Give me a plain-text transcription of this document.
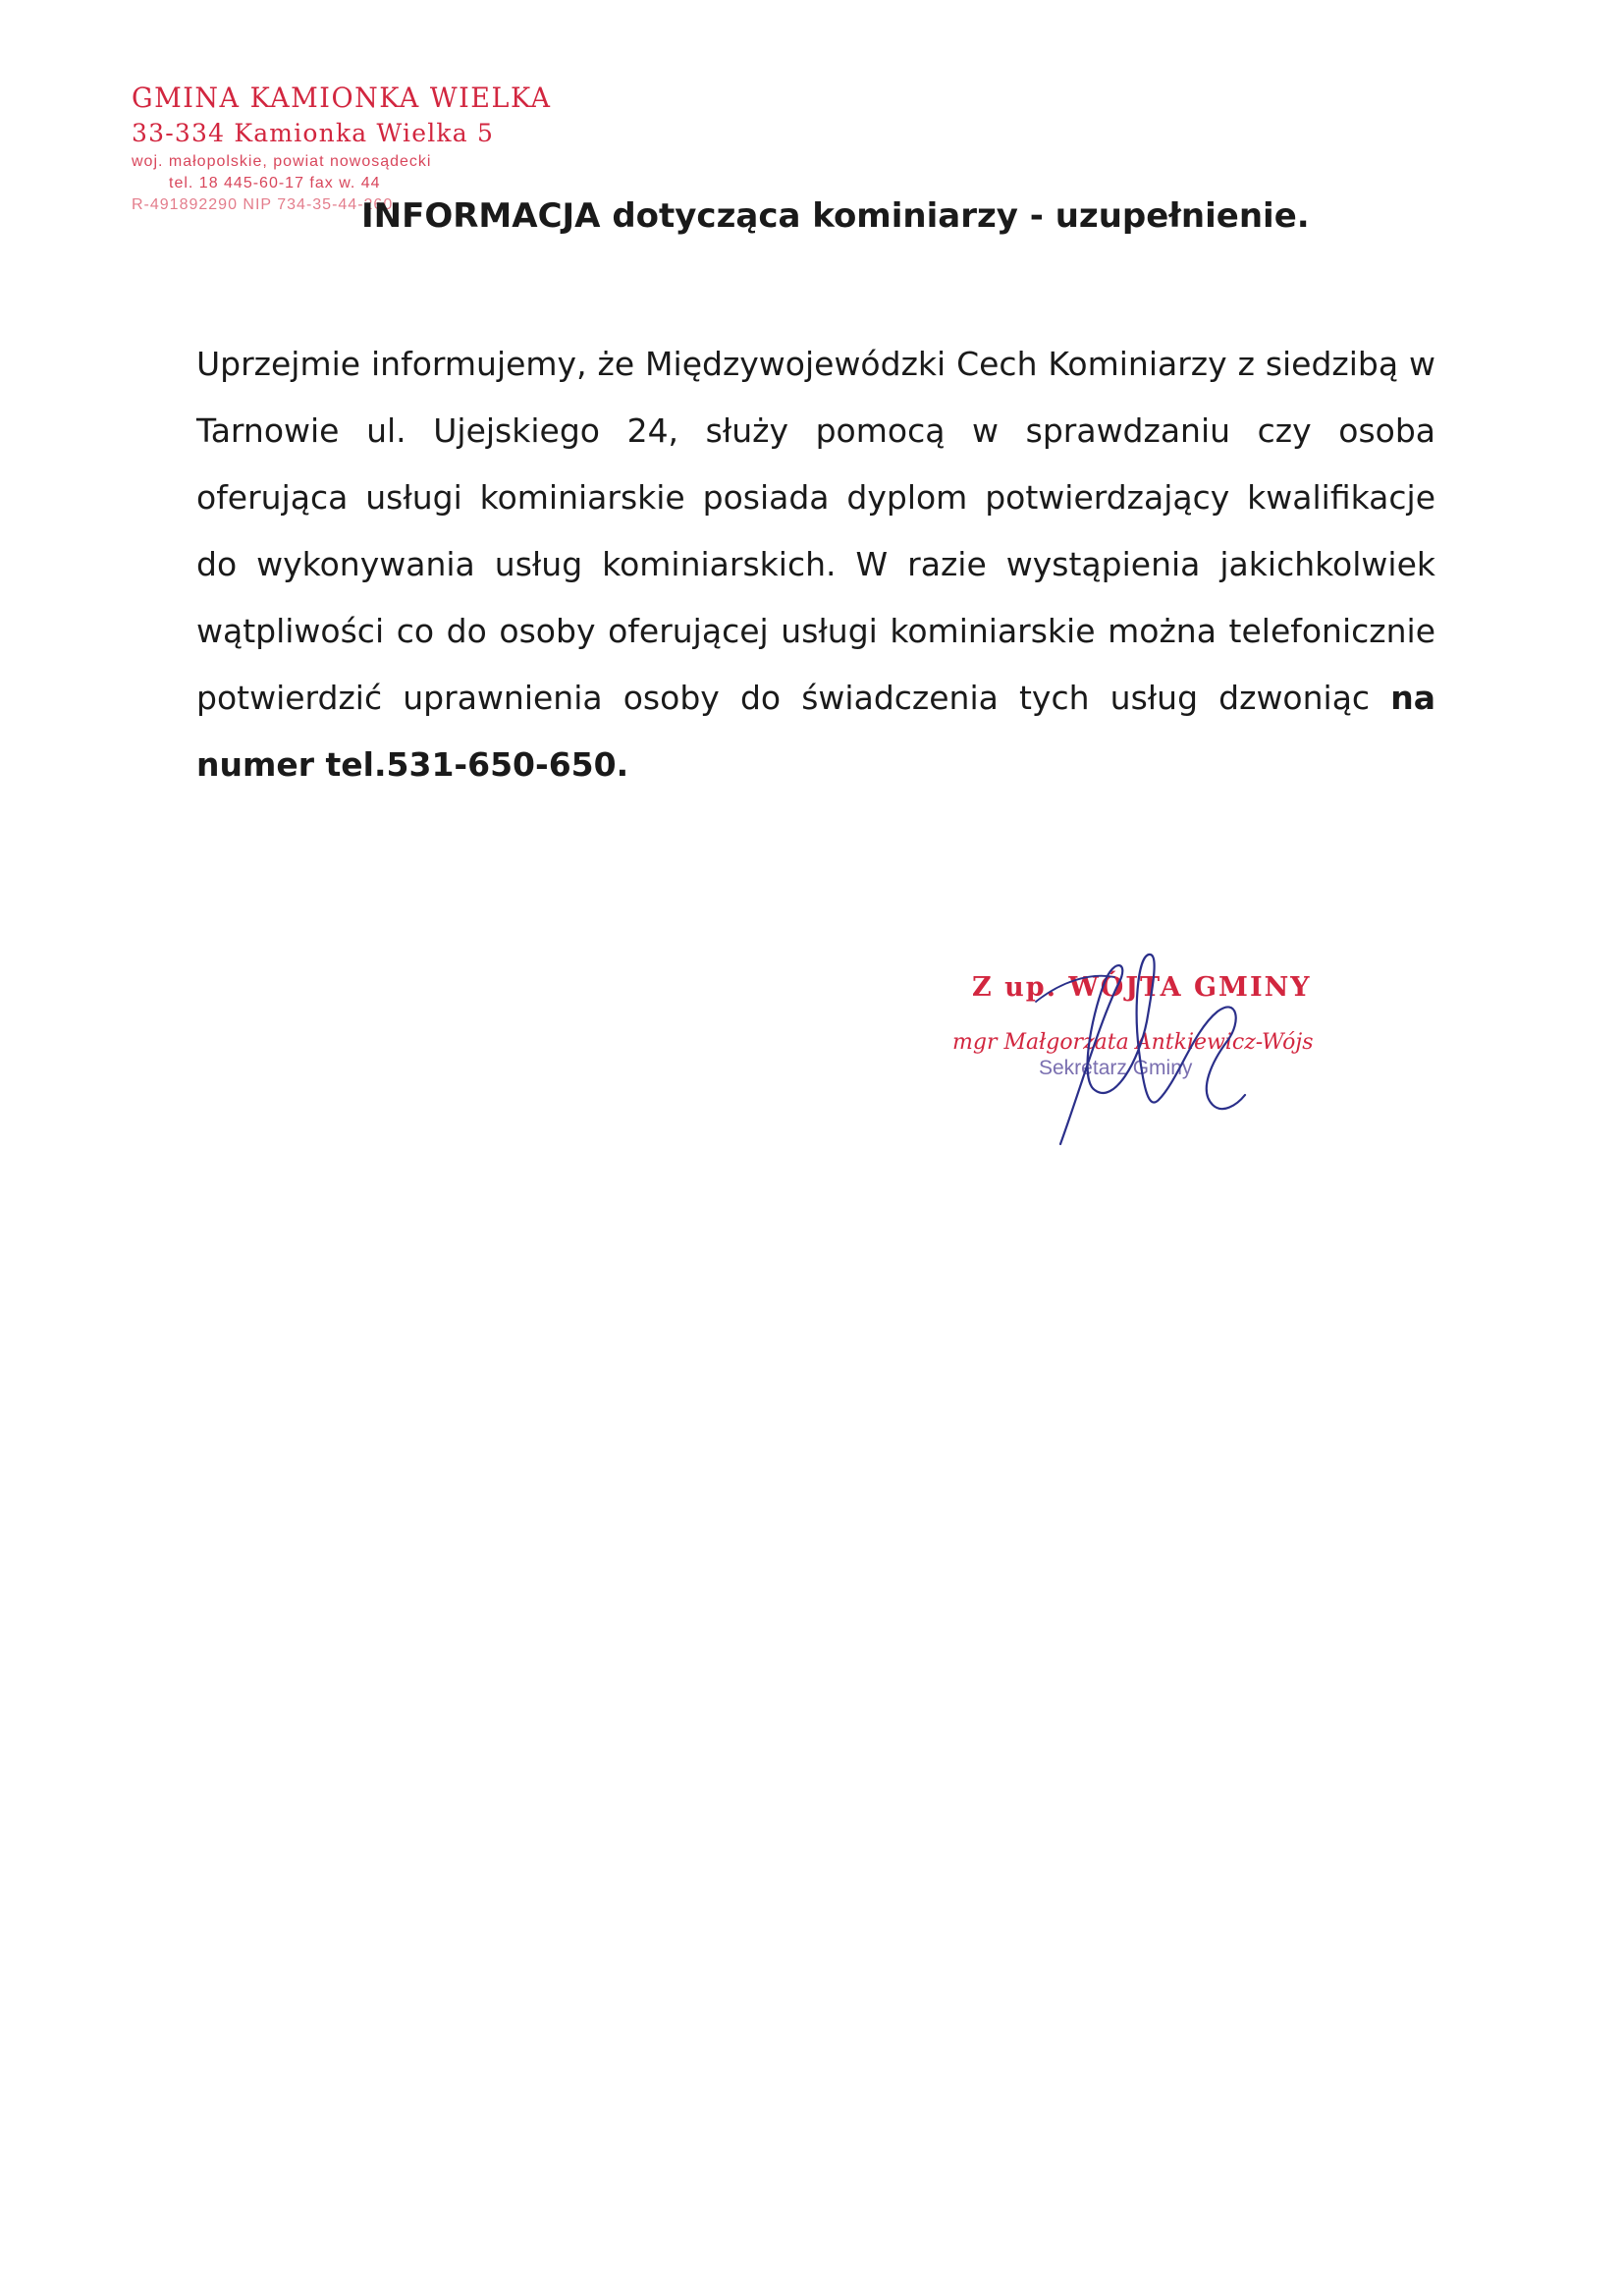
GMINA KAMIONKA WIELKA
33-334 Kamionka Wielka 5
woj. małopolskie, powiat nowosądecki
tel. 18 445-60-17 fax w. 44
R-491892290 NIP 734-35-44-260
INFORMACJA dotycząca kominiarzy - uzupełnienie.

Uprzejmie informujemy, że Międzywojewódzki Cech Kominiarzy z siedzibą w Tarnowie ul. Ujejskiego 24, służy pomocą w sprawdzaniu czy osoba oferująca usługi kominiarskie posiada dyplom potwierdzający kwalifikacje do wykonywania usług kominiarskich. W razie wystąpienia jakichkolwiek wątpliwości co do osoby oferującej usługi kominiarskie można telefonicznie potwierdzić uprawnienia osoby do świadczenia tych usług dzwoniąc na numer tel.531-650-650.

Z up. WÓJTA GMINY
mgr Małgorzata Antkiewicz-Wójs
Sekretarz Gminy
